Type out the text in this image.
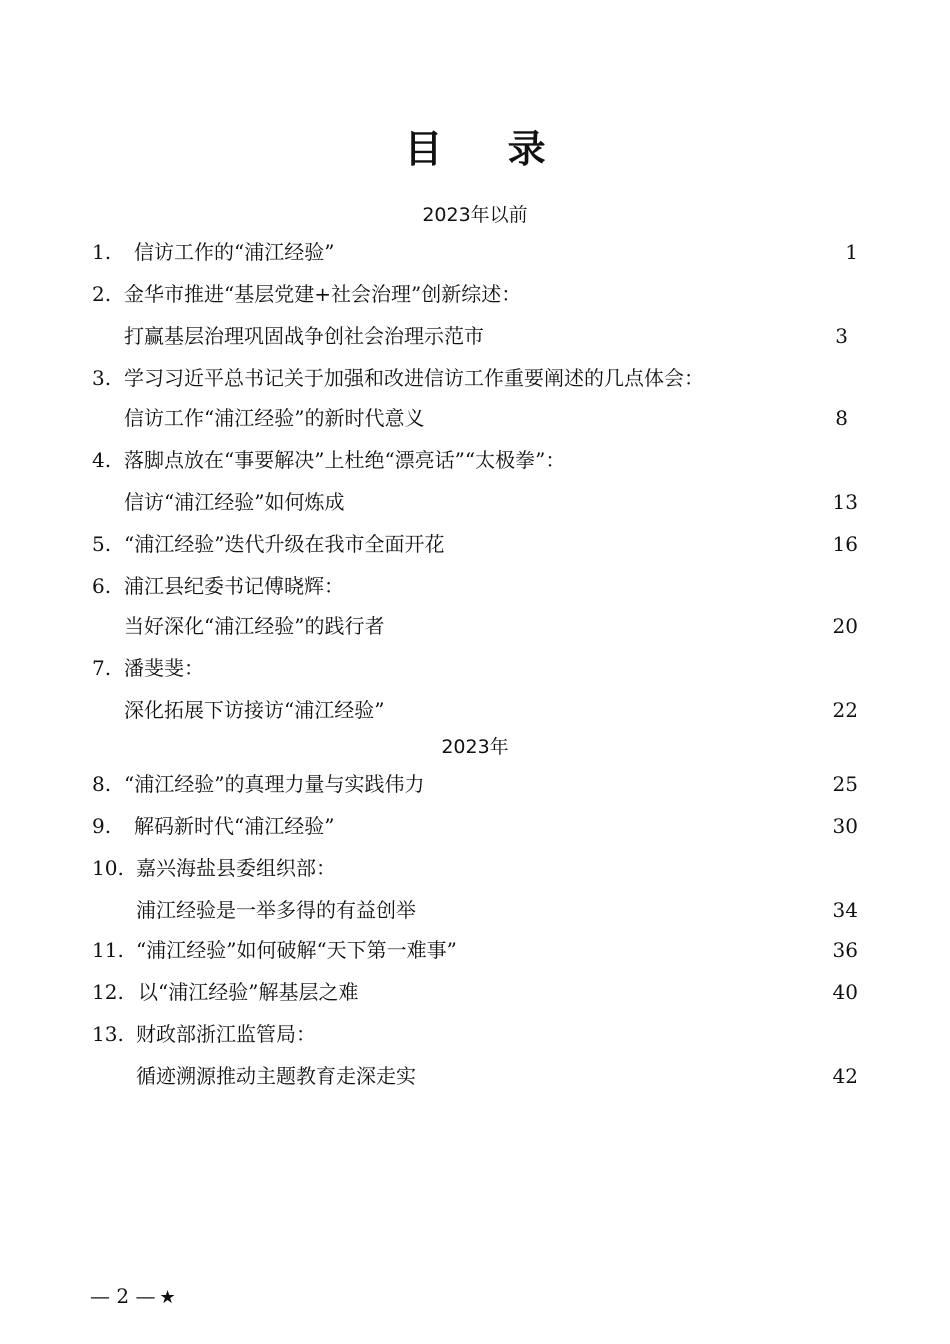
目 录
2023年以前
1. 信访工作的“浦江经验”	1
2. 金华市推进“基层党建+社会治理”创新综述：
打赢基层治理巩固战争创社会治理示范市	3
3. 学习习近平总书记关于加强和改进信访工作重要阐述的几点体会：
信访工作“浦江经验”的新时代意义	8
4. 落脚点放在“事要解决”上杜绝“漂亮话”“太极拳”：
信访“浦江经验”如何炼成	13
5. “浦江经验”迭代升级在我市全面开花	16
6. 浦江县纪委书记傅晓辉：
当好深化“浦江经验”的践行者	20
7. 潘斐斐：
深化拓展下访接访“浦江经验”	22
2023年
8. “浦江经验”的真理力量与实践伟力	25
9. 解码新时代“浦江经验”	30
10. 嘉兴海盐县委组织部：
浦江经验是一举多得的有益创举	34
11. “浦江经验”如何破解“天下第一难事”	36
12. 以“浦江经验”解基层之难	40
13. 财政部浙江监管局：
循迹溯源推动主题教育走深走实	42
— 2 — ★
